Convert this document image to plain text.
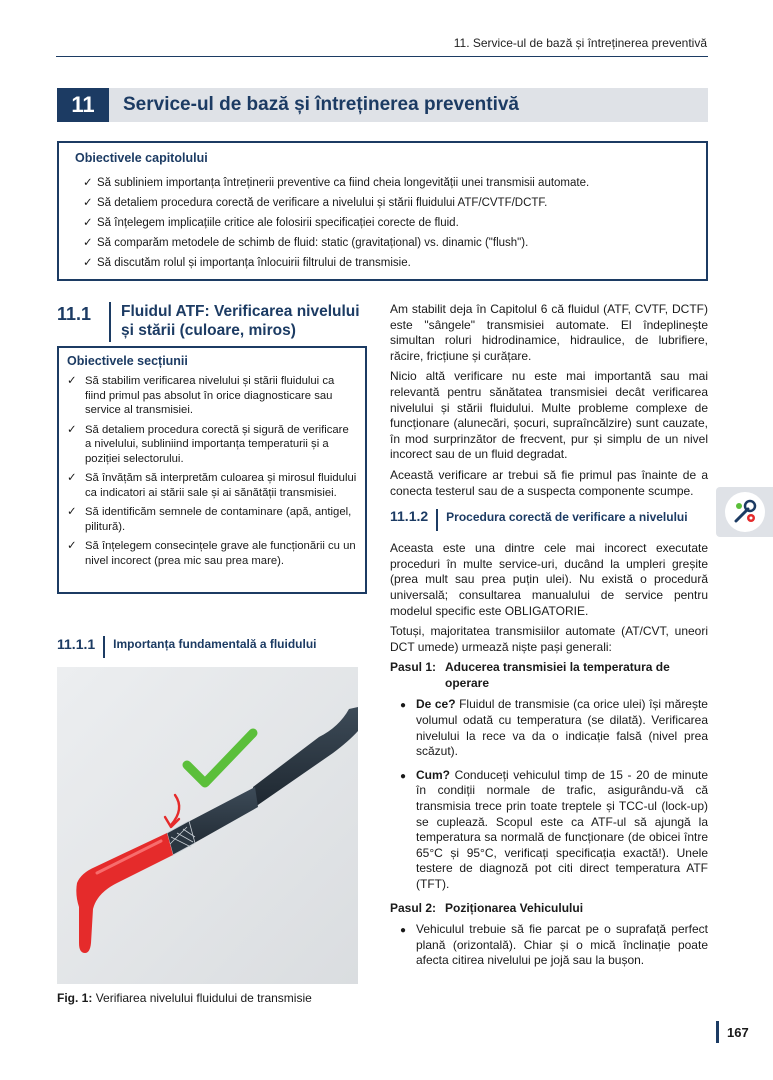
11. Service-ul de bază și întreținerea preventivă
11	Service-ul de bază și întreținerea preventivă
Obiectivele capitolului
✓ Să subliniem importanța întreținerii preventive ca fiind cheia longevității unei transmisii automate.
✓ Să detaliem procedura corectă de verificare a nivelului și stării fluidului ATF/CVTF/DCTF.
✓ Să înțelegem implicațiile critice ale folosirii specificației corecte de fluid.
✓ Să comparăm metodele de schimb de fluid: static (gravitațional) vs. dinamic ("flush").
✓ Să discutăm rolul și importanța înlocuirii filtrului de transmisie.
11.1	Fluidul ATF: Verificarea nivelului și stării (culoare, miros)
Obiectivele secțiunii
✓ Să stabilim verificarea nivelului și stării fluidului ca fiind primul pas absolut în orice diagnosticare sau service al transmisiei.
✓ Să detaliem procedura corectă și sigură de verificare a nivelului, subliniind importanța temperaturii și a poziției selectorului.
✓ Să învățăm să interpretăm culoarea și mirosul fluidului ca indicatori ai stării sale și ai sănătății transmisiei.
✓ Să identificăm semnele de contaminare (apă, antigel, pilitură).
✓ Să înțelegem consecințele grave ale funcționării cu un nivel incorect (prea mic sau prea mare).
11.1.1 Importanța fundamentală a fluidului
Fig. 1: Verifiarea nivelului fluidului de transmisie

Am stabilit deja în Capitolul 6 că fluidul (ATF, CVTF, DCTF) este "sângele" transmisiei automate. El îndeplinește simultan roluri hidrodinamice, hidraulice, de lubrifiere, răcire, fricțiune și curățare.

Nicio altă verificare nu este mai importantă sau mai relevantă pentru sănătatea transmisiei decât verificarea nivelului și stării fluidului. Multe probleme complexe de funcționare (alunecări, șocuri, supraîncălzire) sunt cauzate, în mod surprinzător de frecvent, pur și simplu de un nivel incorect sau de un fluid degradat.

Această verificare ar trebui să fie primul pas înainte de a conecta testerul sau de a suspecta componente scumpe.

11.1.2 Procedura corectă de verificare a nivelului

Aceasta este una dintre cele mai incorect executate proceduri în multe service-uri, ducând la umpleri greșite (prea mult sau prea puțin ulei). Nu există o procedură universală; consultarea manualului de service pentru modelul specific este OBLIGATORIE.

Totuși, majoritatea transmisiilor automate (AT/CVT, uneori DCT umede) urmează niște pași generali:

Pasul 1: Aducerea transmisiei la temperatura de operare
● De ce? Fluidul de transmisie (ca orice ulei) își mărește volumul odată cu temperatura (se dilată). Verificarea nivelului la rece va da o indicație falsă (nivel prea scăzut).
● Cum? Conduceți vehiculul timp de 15 - 20 de minute în condiții normale de trafic, asigurându-vă că transmisia trece prin toate treptele și TCC-ul (lock-up) se cuplează. Scopul este ca ATF-ul să ajungă la temperatura sa normală de funcționare (de obicei între 65°C și 95°C, verificați specificația exactă!). Unele testere de diagnoză pot citi direct temperatura ATF (TFT).
Pasul 2: Poziționarea Vehiculului
● Vehiculul trebuie să fie parcat pe o suprafață perfect plană (orizontală). Chiar și o mică înclinație poate afecta citirea nivelului pe jojă sau la bușon.
167
